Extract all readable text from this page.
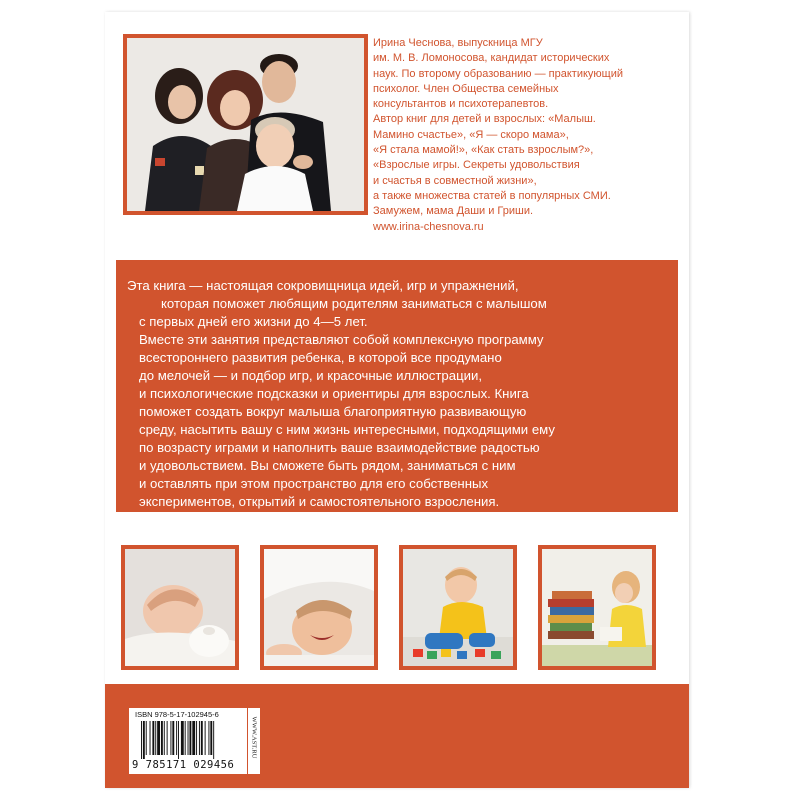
Ирина Чеснова, выпускница МГУ
им. М. В. Ломоносова, кандидат исторических
наук. По второму образованию — практикующий
психолог. Член Общества семейных
консультантов и психотерапевтов.
Автор книг для детей и взрослых: «Малыш.
Мамино счастье», «Я — скоро мама»,
«Я стала мамой!», «Как стать взрослым?»,
«Взрослые игры. Секреты удовольствия
и счастья в совместной жизни»,
а также множества статей в популярных СМИ.
Замужем, мама Даши и Гриши.
www.irina-chesnova.ru
Эта книга — настоящая сокровищница идей, игр и упражнений,
которая поможет любящим родителям заниматься с малышом
с первых дней его жизни до 4—5 лет.
Вместе эти занятия представляют собой комплексную программу
всестороннего развития ребенка, в которой все продумано
до мелочей — и подбор игр, и красочные иллюстрации,
и психологические подсказки и ориентиры для взрослых. Книга
поможет создать вокруг малыша благоприятную развивающую
среду, насытить вашу с ним жизнь интересными, подходящими ему
по возрасту играми и наполнить ваше взаимодействие радостью
и удовольствием. Вы сможете быть рядом, заниматься с ним
и оставлять при этом пространство для его собственных
экспериментов, открытий и самостоятельного взросления.
ISBN 978-5-17-102945-6
9 785171 029456
WWW.AST.RU
